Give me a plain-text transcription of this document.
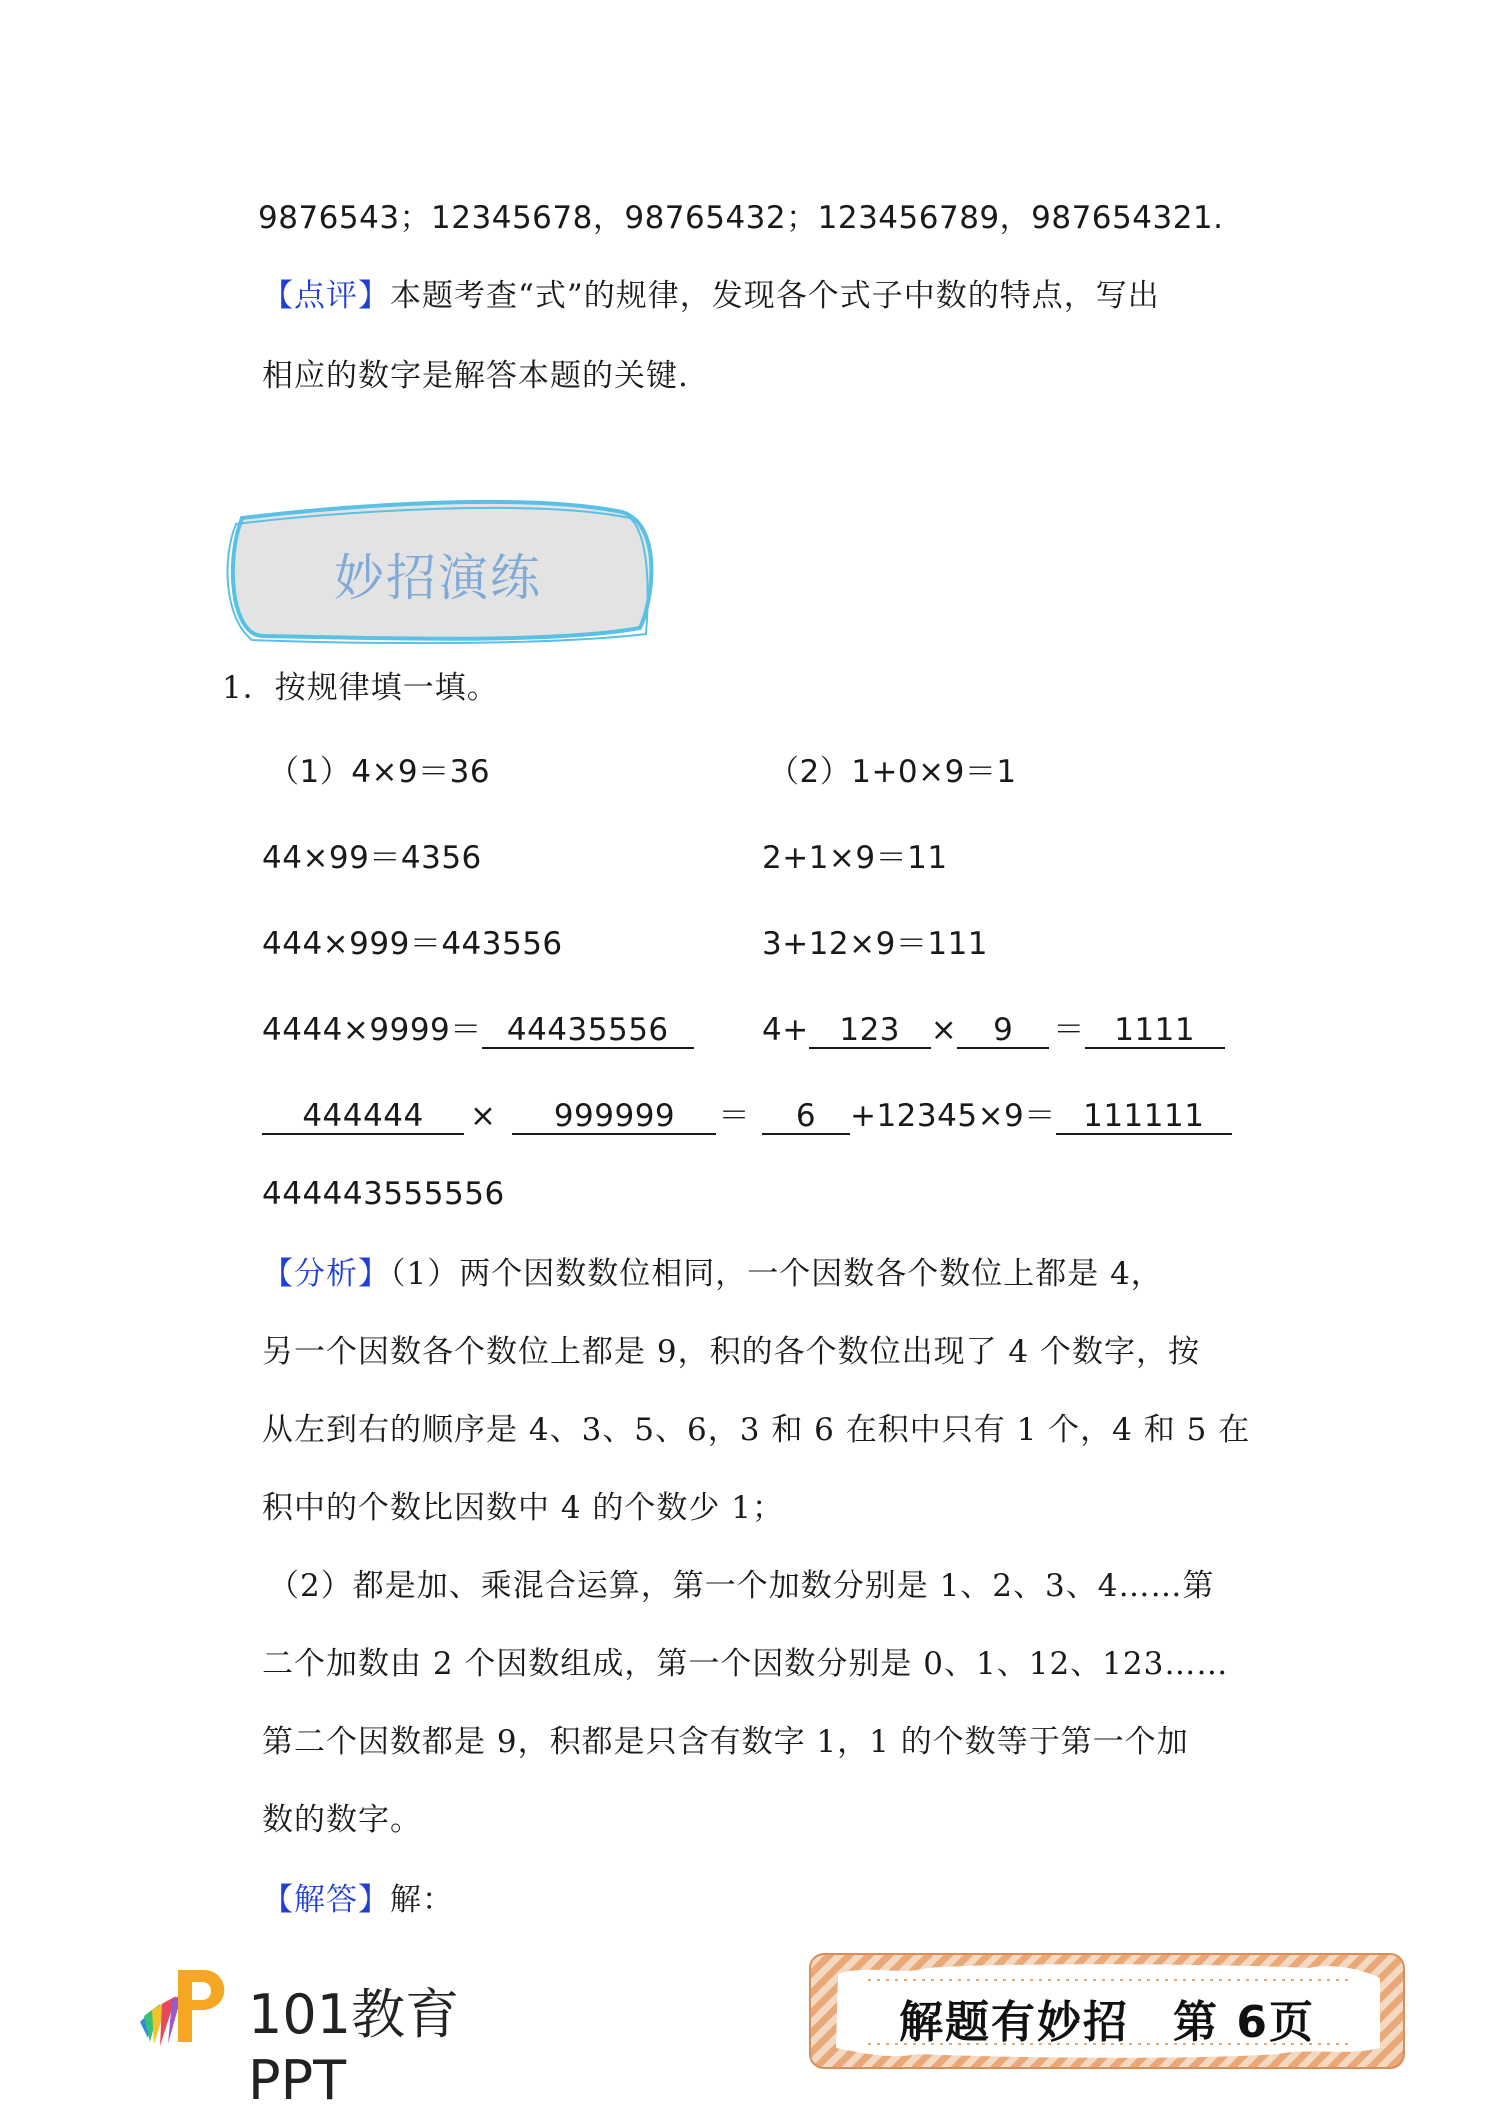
9876543；12345678，98765432；123456789，987654321.
【点评】本题考查“式”的规律，发现各个式子中数的特点，写出
相应的数字是解答本题的关键.
妙招演练
1．按规律填一填。
（1）4×9＝36
44×99＝4356
444×999＝443556
4444×9999＝ 44435556
（2）1+0×9＝1
2+1×9＝11
3+12×9＝111
4+ 123 × 9 ＝ 1111
444444 × 999999 ＝ 6 +12345×9＝ 111111
444443555556
【分析】（1）两个因数数位相同，一个因数各个数位上都是 4，
另一个因数各个数位上都是 9，积的各个数位出现了 4 个数字，按
从左到右的顺序是 4、3、5、6，3 和 6 在积中只有 1 个，4 和 5 在
积中的个数比因数中 4 的个数少 1；
（2）都是加、乘混合运算，第一个加数分别是 1、2、3、4……第
二个加数由 2 个因数组成，第一个因数分别是 0、1、12、123……
第二个因数都是 9，积都是只含有数字 1，1 的个数等于第一个加
数的数字。
【解答】解：
101教育PPT
解题有妙招 第 6页
